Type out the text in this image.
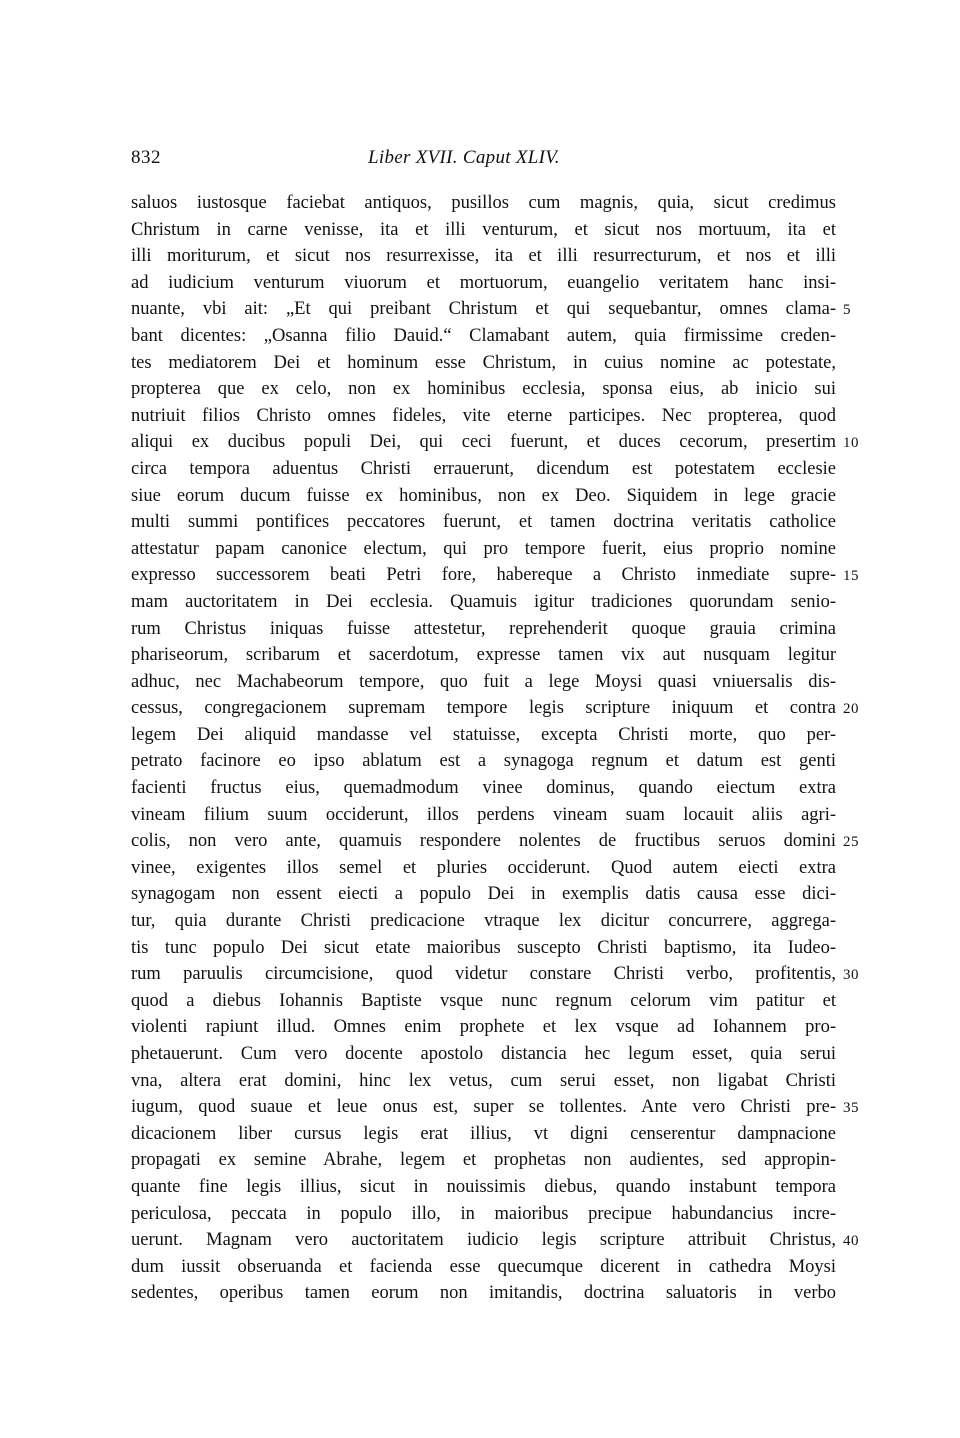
832	Liber XVII. Caput XLIV.
saluos iustosque faciebat antiquos, pusillos cum magnis, quia, sicut credimus
Christum in carne venisse, ita et illi venturum, et sicut nos mortuum, ita et
illi moriturum, et sicut nos resurrexisse, ita et illi resurrecturum, et nos et illi
ad iudicium venturum viuorum et mortuorum, euangelio veritatem hanc insi-
nuante, vbi ait: „Et qui preibant Christum et qui sequebantur, omnes clama- 5
bant dicentes: „Osanna filio Dauid.“ Clamabant autem, quia firmissime creden-
tes mediatorem Dei et hominum esse Christum, in cuius nomine ac potestate,
propterea que ex celo, non ex hominibus ecclesia, sponsa eius, ab inicio sui
nutriuit filios Christo omnes fideles, vite eterne participes. Nec propterea, quod
aliqui ex ducibus populi Dei, qui ceci fuerunt, et duces cecorum, presertim 10
circa tempora aduentus Christi errauerunt, dicendum est potestatem ecclesie
siue eorum ducum fuisse ex hominibus, non ex Deo. Siquidem in lege gracie
multi summi pontifices peccatores fuerunt, et tamen doctrina veritatis catholice
attestatur papam canonice electum, qui pro tempore fuerit, eius proprio nomine
expresso successorem beati Petri fore, habereque a Christo inmediate supre- 15
mam auctoritatem in Dei ecclesia. Quamuis igitur tradiciones quorundam senio-
rum Christus iniquas fuisse attestetur, reprehenderit quoque grauia crimina
phariseorum, scribarum et sacerdotum, expresse tamen vix aut nusquam legitur
adhuc, nec Machabeorum tempore, quo fuit a lege Moysi quasi vniuersalis dis-
cessus, congregacionem supremam tempore legis scripture iniquum et contra 20
legem Dei aliquid mandasse vel statuisse, excepta Christi morte, quo per-
petrato facinore eo ipso ablatum est a synagoga regnum et datum est genti
facienti fructus eius, quemadmodum vinee dominus, quando eiectum extra
vineam filium suum occiderunt, illos perdens vineam suam locauit aliis agri-
colis, non vero ante, quamuis respondere nolentes de fructibus seruos domini 25
vinee, exigentes illos semel et pluries occiderunt. Quod autem eiecti extra
synagogam non essent eiecti a populo Dei in exemplis datis causa esse dici-
tur, quia durante Christi predicacione vtraque lex dicitur concurrere, aggrega-
tis tunc populo Dei sicut etate maioribus suscepto Christi baptismo, ita Iudeo-
rum paruulis circumcisione, quod videtur constare Christi verbo, profitentis, 30
quod a diebus Iohannis Baptiste vsque nunc regnum celorum vim patitur et
violenti rapiunt illud. Omnes enim prophete et lex vsque ad Iohannem pro-
phetauerunt. Cum vero docente apostolo distancia hec legum esset, quia serui
vna, altera erat domini, hinc lex vetus, cum serui esset, non ligabat Christi
iugum, quod suaue et leue onus est, super se tollentes. Ante vero Christi pre- 35
dicacionem liber cursus legis erat illius, vt digni censerentur dampnacione
propagati ex semine Abrahe, legem et prophetas non audientes, sed appropin-
quante fine legis illius, sicut in nouissimis diebus, quando instabunt tempora
periculosa, peccata in populo illo, in maioribus precipue habundancius incre-
uerunt. Magnam vero auctoritatem iudicio legis scripture attribuit Christus, 40
dum iussit obseruanda et facienda esse quecumque dicerent in cathedra Moysi
sedentes, operibus tamen eorum non imitandis, doctrina saluatoris in verbo
